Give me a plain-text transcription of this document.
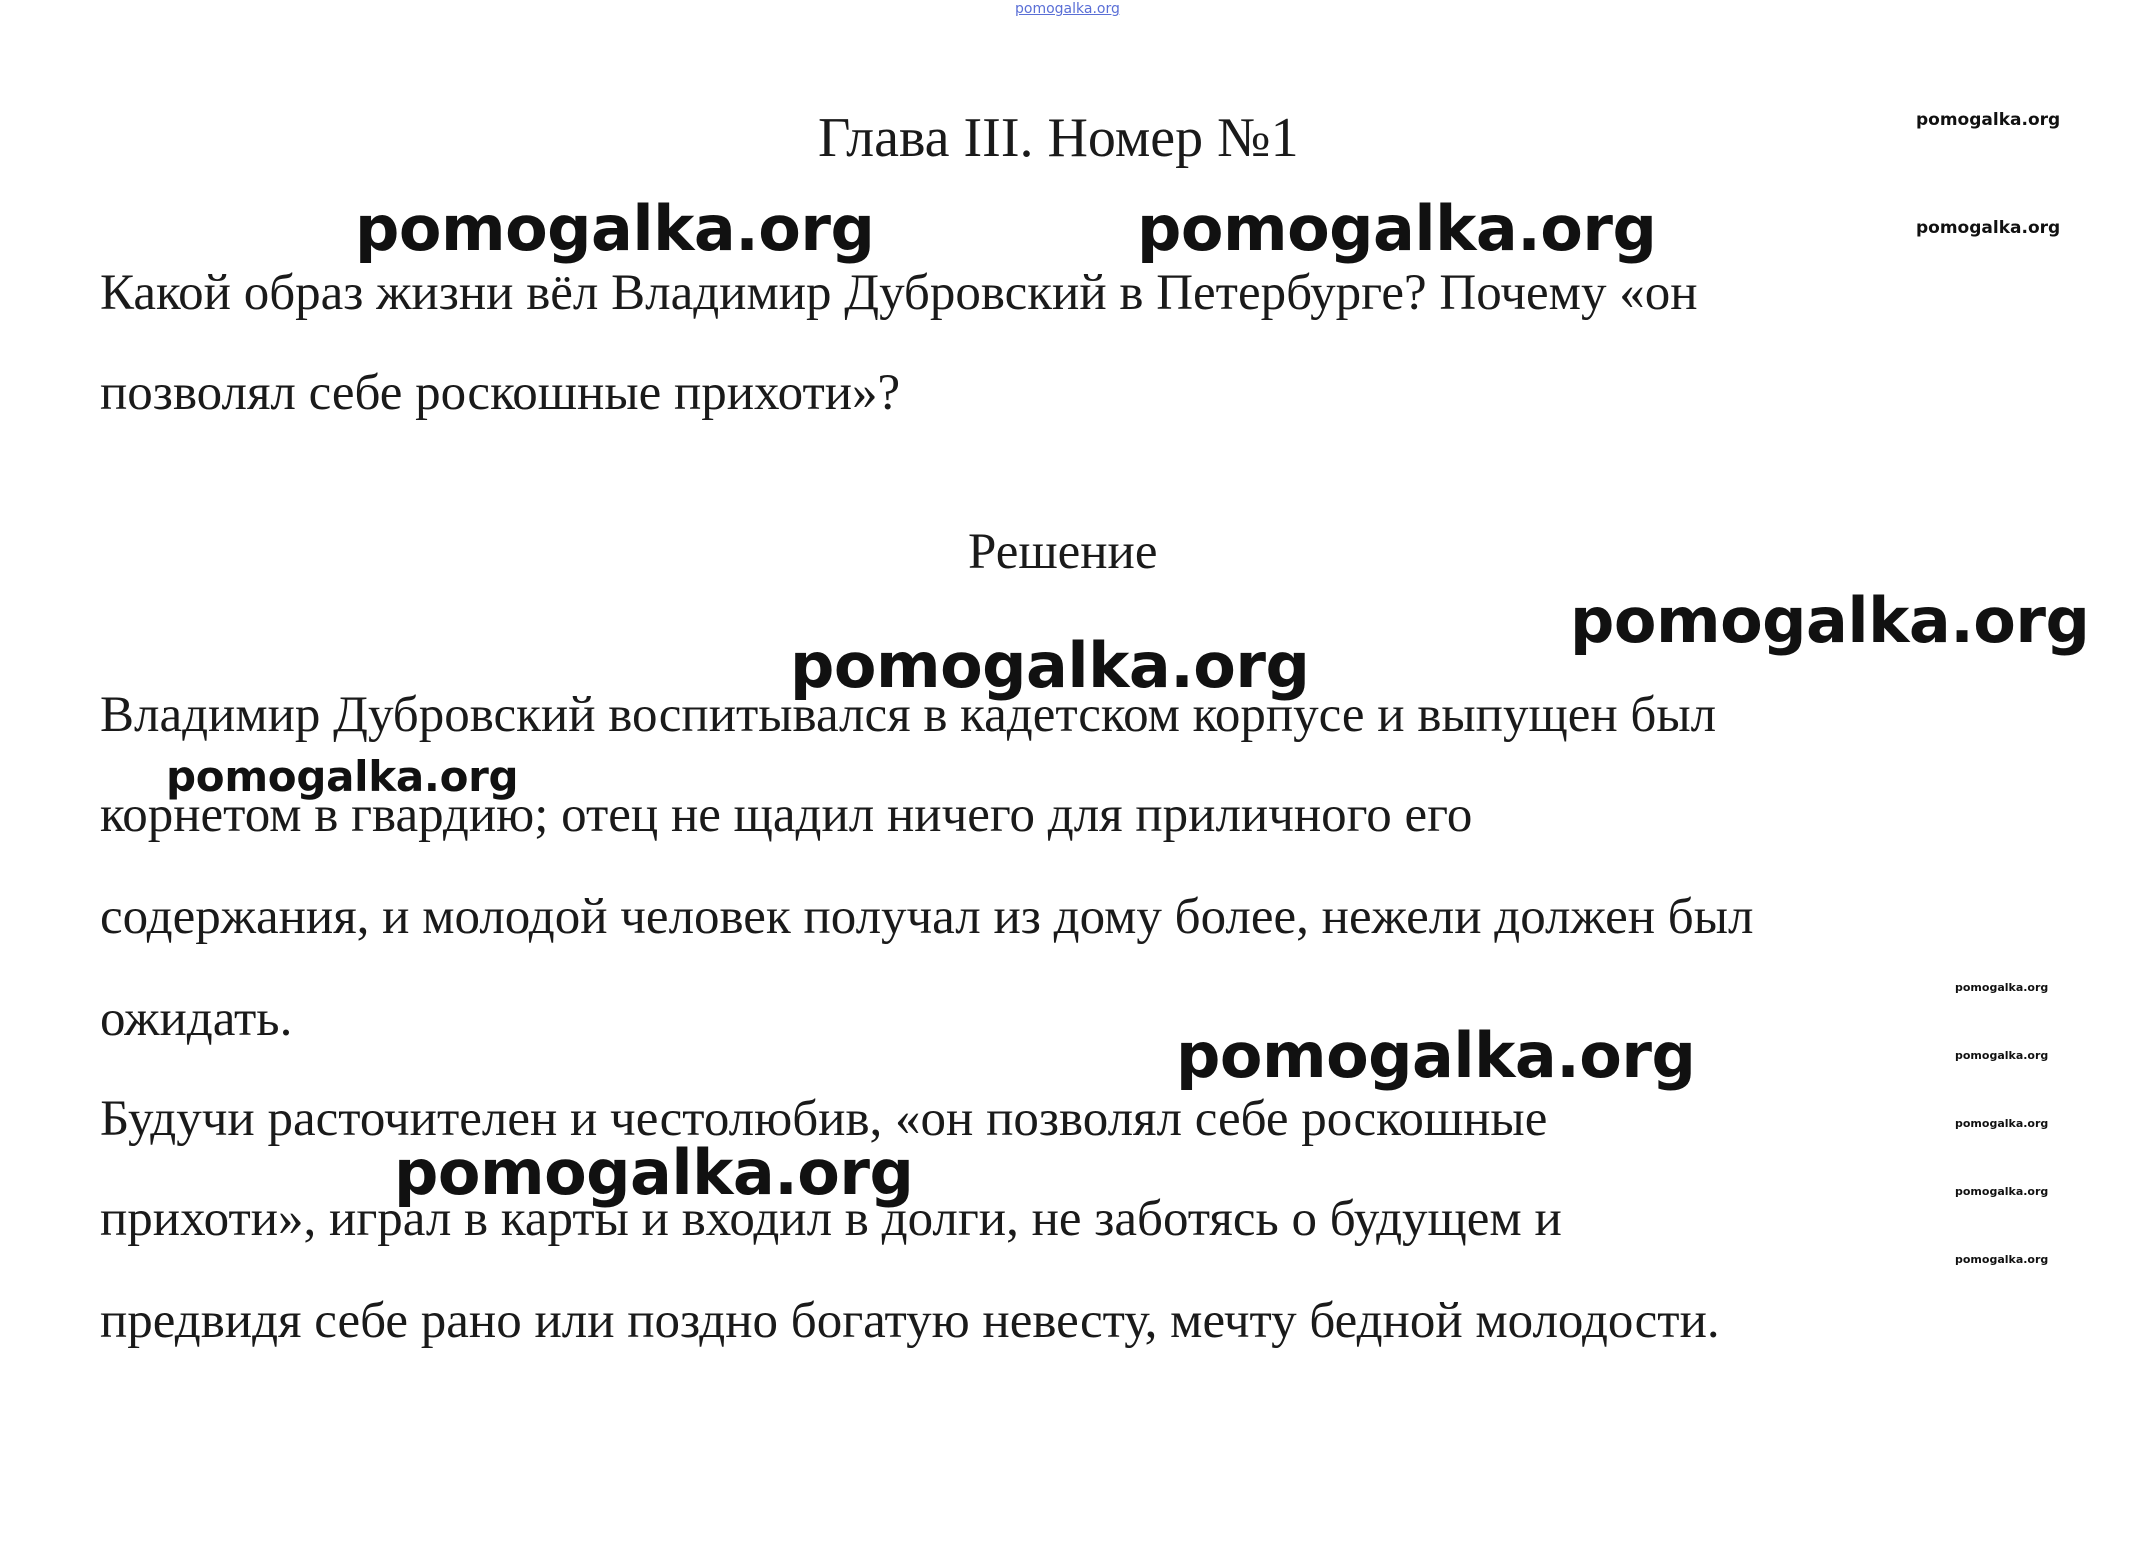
pomogalka.org
Глава III. Номер №1	pomogalka.org
pomogalka.org
pomogalka.org	pomogalka.org
Какой образ жизни вёл Владимир Дубровский в Петербурге? Почему «он
позволял себе роскошные прихоти»?
Решение
pomogalka.org
pomogalka.org
Владимир Дубровский воспитывался в кадетском корпусе и выпущен был
pomogalka.org
корнетом в гвардию; отец не щадил ничего для приличного его
содержания, и молодой человек получал из дому более, нежели должен был
ожидать.
pomogalka.org
pomogalka.org
pomogalka.org
pomogalka.org
pomogalka.org
pomogalka.org
Будучи расточителен и честолюбив, «он позволял себе роскошные
pomogalka.org
прихоти», играл в карты и входил в долги, не заботясь о будущем и
предвидя себе рано или поздно богатую невесту, мечту бедной молодости.
